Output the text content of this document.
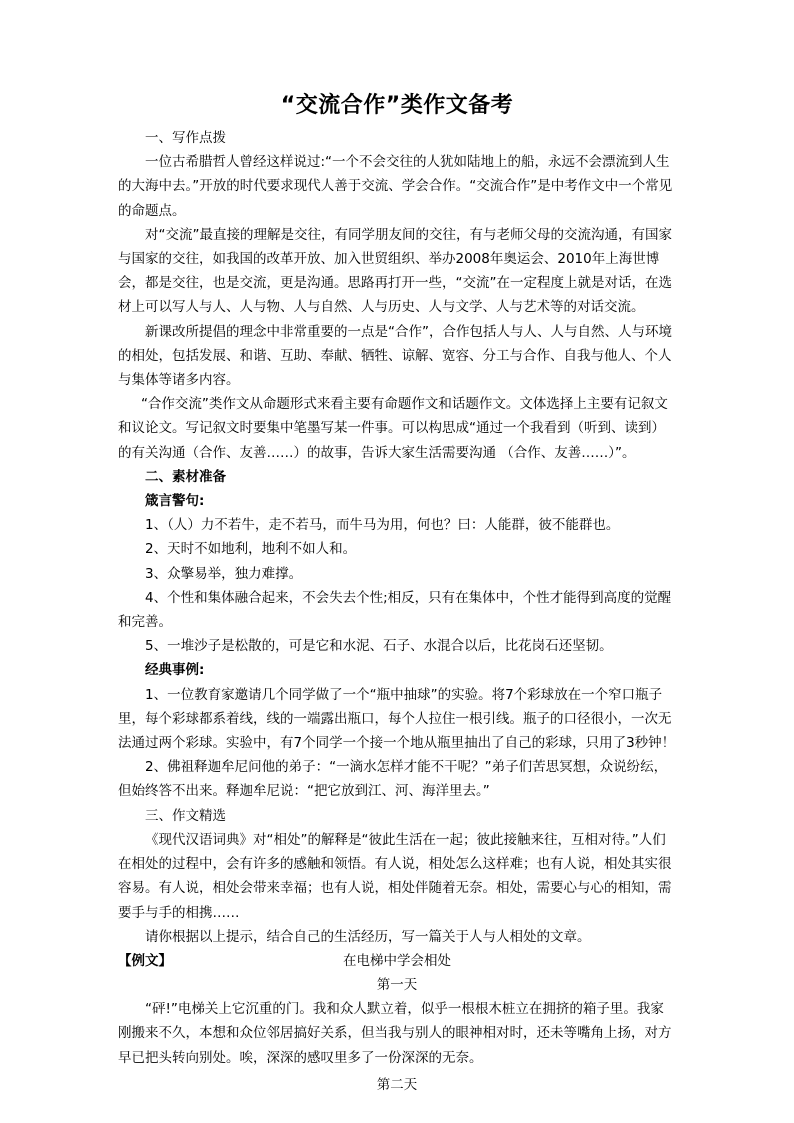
“交流合作”类作文备考

一、写作点拨

一位古希腊哲人曾经这样说过:“一个不会交往的人犹如陆地上的船，永远不会漂流到人生的大海中去。”开放的时代要求现代人善于交流、学会合作。“交流合作”是中考作文中一个常见的命题点。

对“交流”最直接的理解是交往，有同学朋友间的交往，有与老师父母的交流沟通，有国家与国家的交往，如我国的改革开放、加入世贸组织、举办2008年奥运会、2010年上海世博会，都是交往，也是交流，更是沟通。思路再打开一些，“交流”在一定程度上就是对话，在选材上可以写人与人、人与物、人与自然、人与历史、人与文学、人与艺术等的对话交流。

新课改所提倡的理念中非常重要的一点是“合作”，合作包括人与人、人与自然、人与环境的相处，包括发展、和谐、互助、奉献、牺牲、谅解、宽容、分工与合作、自我与他人、个人与集体等诸多内容。

“合作交流”类作文从命题形式来看主要有命题作文和话题作文。文体选择上主要有记叙文和议论文。写记叙文时要集中笔墨写某一件事。可以构思成“通过一个我看到（听到、读到）的有关沟通（合作、友善……）的故事，告诉大家生活需要沟通 （合作、友善……）”。

二、素材准备

箴言警句:

1、（人）力不若牛，走不若马，而牛马为用，何也？曰：人能群，彼不能群也。

2、天时不如地利，地利不如人和。

3、众擎易举，独力难撑。

4、个性和集体融合起来，不会失去个性;相反，只有在集体中，个性才能得到高度的觉醒和完善。

5、一堆沙子是松散的，可是它和水泥、石子、水混合以后，比花岗石还坚韧。

经典事例:

1、一位教育家邀请几个同学做了一个“瓶中抽球”的实验。将7个彩球放在一个窄口瓶子里，每个彩球都系着线，线的一端露出瓶口，每个人拉住一根引线。瓶子的口径很小，一次无法通过两个彩球。实验中，有7个同学一个接一个地从瓶里抽出了自己的彩球，只用了3秒钟！

2、佛祖释迦牟尼问他的弟子：“一滴水怎样才能不干呢？”弟子们苦思冥想，众说纷纭，但始终答不出来。释迦牟尼说：“把它放到江、河、海洋里去。”

三、作文精选

《现代汉语词典》对“相处”的解释是“彼此生活在一起；彼此接触来往，互相对待。”人们在相处的过程中，会有许多的感触和领悟。有人说，相处怎么这样难；也有人说，相处其实很容易。有人说，相处会带来幸福；也有人说，相处伴随着无奈。相处，需要心与心的相知，需要手与手的相携……

请你根据以上提示，结合自己的生活经历，写一篇关于人与人相处的文章。

【例文】	在电梯中学会相处

第一天

“砰!”电梯关上它沉重的门。我和众人默立着，似乎一根根木桩立在拥挤的箱子里。我家刚搬来不久，本想和众位邻居搞好关系，但当我与别人的眼神相对时，还未等嘴角上扬，对方早已把头转向别处。唉，深深的感叹里多了一份深深的无奈。

第二天
